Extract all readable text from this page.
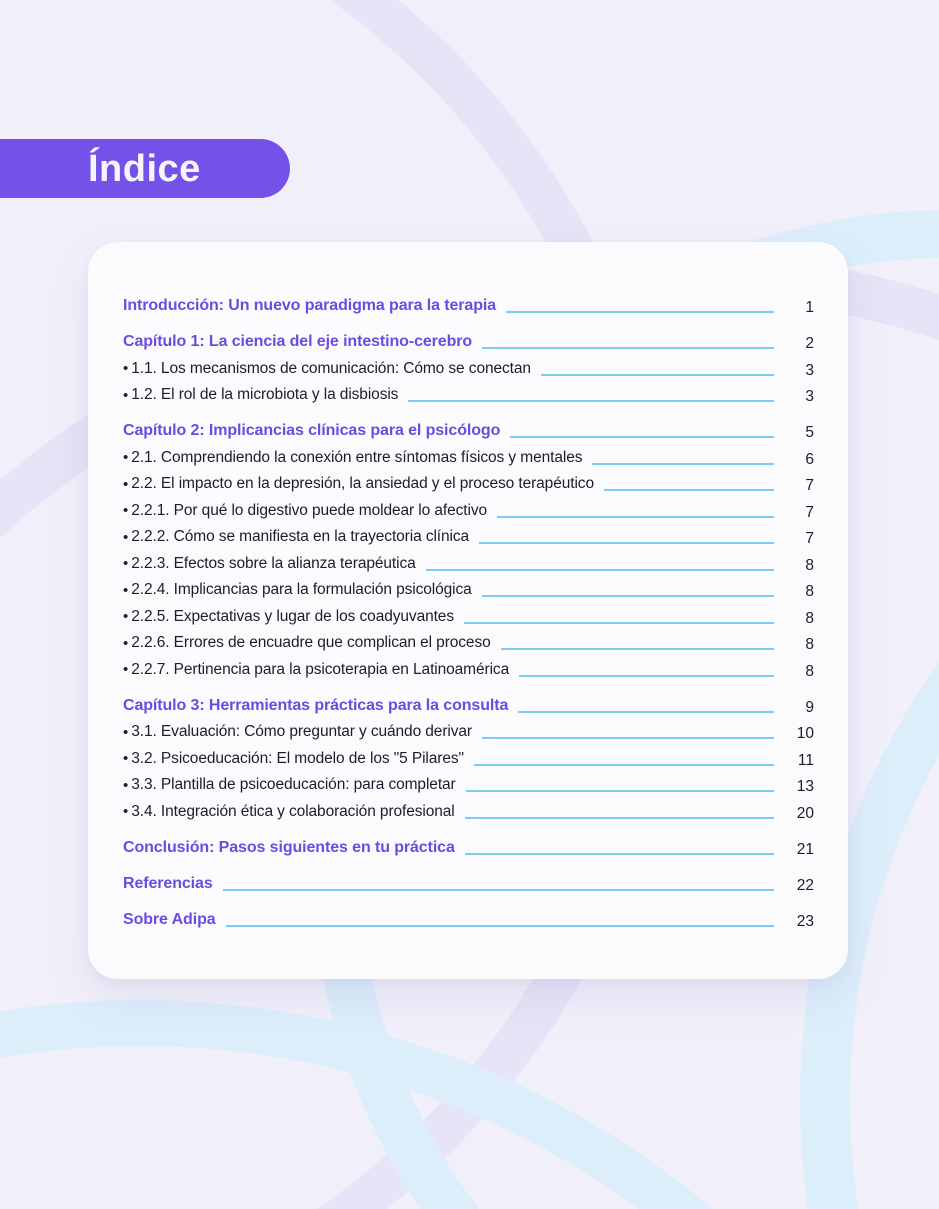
Índice
Introducción: Un nuevo paradigma para la terapia	1
Capítulo 1: La ciencia del eje intestino-cerebro	2
• 1.1. Los mecanismos de comunicación: Cómo se conectan	3
• 1.2. El rol de la microbiota y la disbiosis	3
Capítulo 2: Implicancias clínicas para el psicólogo	5
• 2.1. Comprendiendo la conexión entre síntomas físicos y mentales	6
• 2.2. El impacto en la depresión, la ansiedad y el proceso terapéutico	7
• 2.2.1. Por qué lo digestivo puede moldear lo afectivo	7
• 2.2.2. Cómo se manifiesta en la trayectoria clínica	7
• 2.2.3. Efectos sobre la alianza terapéutica	8
• 2.2.4. Implicancias para la formulación psicológica	8
• 2.2.5. Expectativas y lugar de los coadyuvantes	8
• 2.2.6. Errores de encuadre que complican el proceso	8
• 2.2.7. Pertinencia para la psicoterapia en Latinoamérica	8
Capítulo 3: Herramientas prácticas para la consulta	9
• 3.1. Evaluación: Cómo preguntar y cuándo derivar	10
• 3.2. Psicoeducación: El modelo de los "5 Pilares"	11
• 3.3. Plantilla de psicoeducación: para completar	13
• 3.4. Integración ética y colaboración profesional	20
Conclusión: Pasos siguientes en tu práctica	21
Referencias	22
Sobre Adipa	23
